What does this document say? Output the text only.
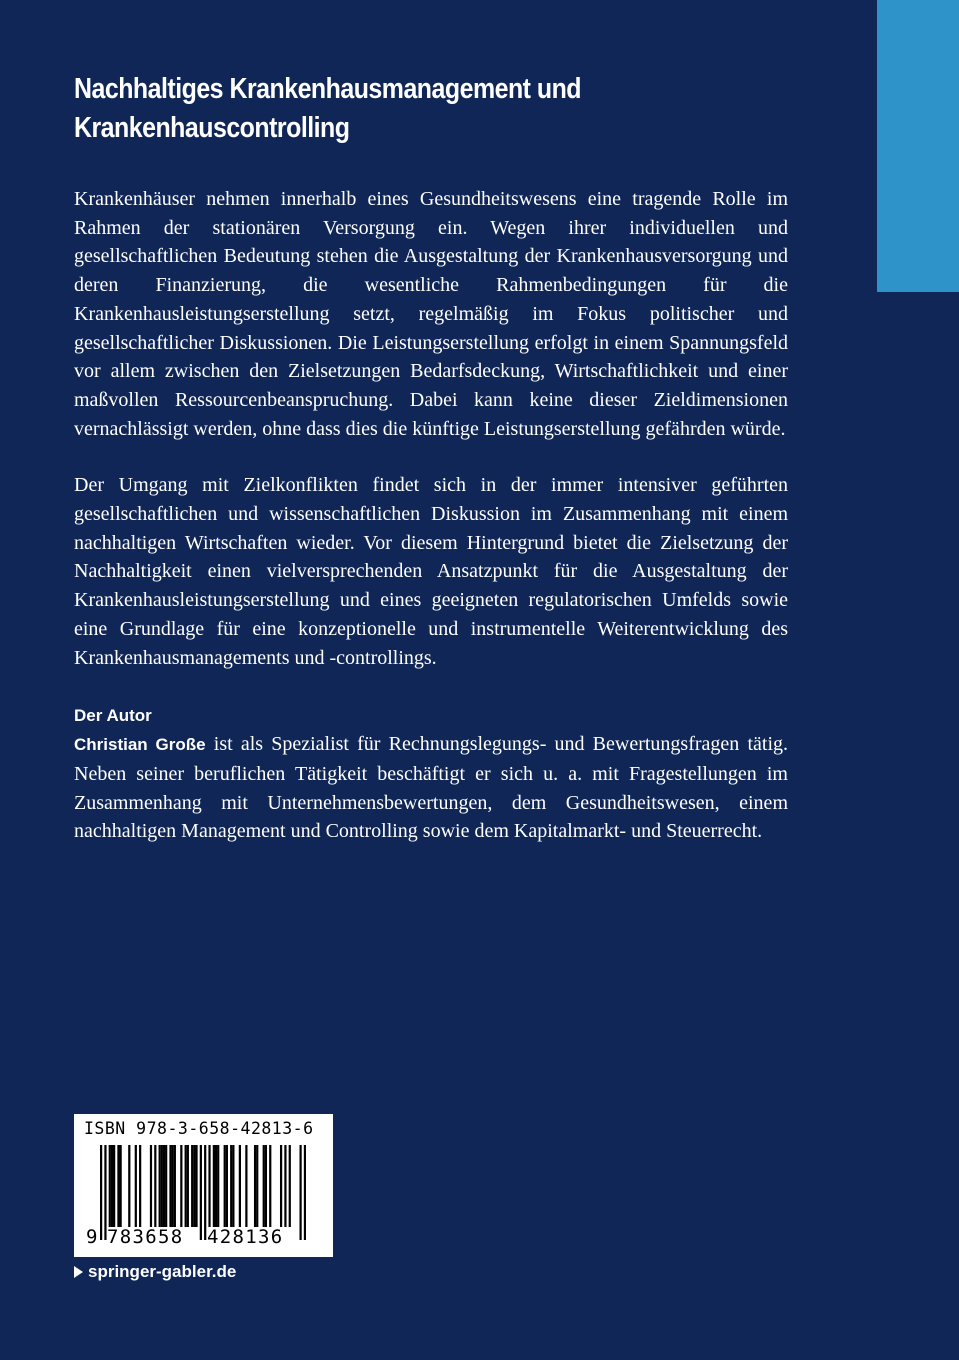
Nachhaltiges Krankenhausmanagement und Krankenhauscontrolling

Krankenhäuser nehmen innerhalb eines Gesundheitswesens eine tragende Rolle im Rahmen der stationären Versorgung ein. Wegen ihrer individuellen und gesellschaftlichen Bedeutung stehen die Ausgestaltung der Krankenhausversorgung und deren Finanzierung, die wesentliche Rahmenbedingungen für die Krankenhausleistungserstellung setzt, regelmäßig im Fokus politischer und gesellschaftlicher Diskussionen. Die Leistungserstellung erfolgt in einem Spannungsfeld vor allem zwischen den Zielsetzungen Bedarfsdeckung, Wirtschaftlichkeit und einer maßvollen Ressourcenbeanspruchung. Dabei kann keine dieser Zieldimensionen vernachlässigt werden, ohne dass dies die künftige Leistungserstellung gefährden würde.

Der Umgang mit Zielkonflikten findet sich in der immer intensiver geführten gesellschaftlichen und wissenschaftlichen Diskussion im Zusammenhang mit einem nachhaltigen Wirtschaften wieder. Vor diesem Hintergrund bietet die Zielsetzung der Nachhaltigkeit einen vielversprechenden Ansatzpunkt für die Ausgestaltung der Krankenhausleistungserstellung und eines geeigneten regulatorischen Umfelds sowie eine Grundlage für eine konzeptionelle und instrumentelle Weiterentwicklung des Krankenhausmanagements und -controllings.

Der Autor

Christian Große ist als Spezialist für Rechnungslegungs- und Bewertungsfragen tätig. Neben seiner beruflichen Tätigkeit beschäftigt er sich u. a. mit Fragestellungen im Zusammenhang mit Unternehmensbewertungen, dem Gesundheitswesen, einem nachhaltigen Management und Controlling sowie dem Kapitalmarkt- und Steuerrecht.

ISBN 978-3-658-42813-6
9 783658 428136
springer-gabler.de
